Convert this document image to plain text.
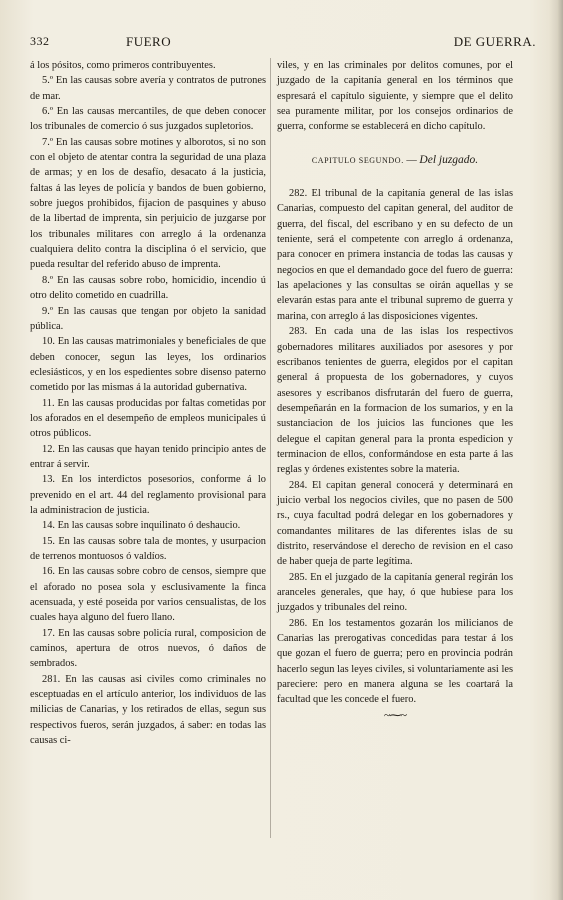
332	FUERO	DE GUERRA.

á los pósitos, como primeros contribuyentes.

5.º En las causas sobre avería y contratos de putrones de mar.

6.º En las causas mercantiles, de que deben conocer los tribunales de comercio ó sus juzgados supletorios.

7.º En las causas sobre motines y alborotos, si no son con el objeto de atentar contra la seguridad de una plaza de armas; y en los de desafío, desacato á la justicia, faltas á las leyes de policía y bandos de buen gobierno, sobre juegos prohibidos, fijacion de pasquines y abuso de la libertad de imprenta, sin perjuicio de juzgarse por los tribunales militares con arreglo á la ordenanza cualquiera delito contra la disciplina ó el servicio, que pueda resultar del referido abuso de imprenta.

8.º En las causas sobre robo, homicidio, incendio ú otro delito cometido en cuadrilla.

9.º En las causas que tengan por objeto la sanidad pública.

10. En las causas matrimoniales y beneficiales de que deben conocer, segun las leyes, los ordinarios eclesiásticos, y en los espedientes sobre disenso paterno cometido por las mismas á la autoridad gubernativa.

11. En las causas producidas por faltas cometidas por los aforados en el desempeño de empleos municipales ú otros públicos.

12. En las causas que hayan tenido principio antes de entrar á servir.

13. En los interdictos posesorios, conforme á lo prevenido en el art. 44 del reglamento provisional para la administracion de justicia.

14. En las causas sobre inquilinato ó deshaucio.

15. En las causas sobre tala de montes, y usurpacion de terrenos montuosos ó valdíos.

16. En las causas sobre cobro de censos, siempre que el aforado no posea sola y esclusivamente la finca acensuada, y esté poseida por varios censualistas, de los cuales haya alguno del fuero llano.

17. En las causas sobre policía rural, composicion de caminos, apertura de otros nuevos, ó daños de sembrados.

281. En las causas asi civiles como criminales no esceptuadas en el artículo anterior, los individuos de las milicias de Canarias, y los retirados de ellas, segun sus respectivos fueros, serán juzgados, á saber: en todas las causas ci-

viles, y en las criminales por delitos comunes, por el juzgado de la capitanía general en los términos que espresará el capítulo siguiente, y siempre que el delito sea puramente militar, por los consejos ordinarios de guerra, conforme se establecerá en dicho capítulo.

CAPITULO SEGUNDO. — Del juzgado.

282. El tribunal de la capitanía general de las islas Canarias, compuesto del capitan general, del auditor de guerra, del fiscal, del escribano y en su defecto de un teniente, será el competente con arreglo á ordenanza, para conocer en primera instancia de todas las causas y negocios en que el demandado goce del fuero de guerra: las apelaciones y las consultas se oirán aquellas y se elevarán estas para ante el tribunal supremo de guerra y marina, con arreglo á las disposiciones vigentes.

283. En cada una de las islas los respectivos gobernadores militares auxiliados por asesores y por escribanos tenientes de guerra, elegidos por el capitan general á propuesta de los gobernadores, y cuyos asesores y escribanos disfrutarán del fuero de guerra, desempeñarán en la formacion de los sumarios, y en la sustanciacion de los juicios las funciones que les delegue el capitan general para la pronta espedicion y terminacion de ellos, conformándose en esta parte á las reglas y órdenes existentes sobre la materia.

284. El capitan general conocerá y determinará en juicio verbal los negocios civiles, que no pasen de 500 rs., cuya facultad podrá delegar en los gobernadores y comandantes militares de las diferentes islas de su distrito, reservándose el derecho de revision en el caso de haber queja de parte legítima.

285. En el juzgado de la capitanía general regirán los aranceles generales, que hay, ó que hubiese para los juzgados y tribunales del reino.

286. En los testamentos gozarán los milicianos de Canarias las prerogativas concedidas para testar á los que gozan el fuero de guerra; pero en provincia podrán hacerlo segun las leyes civiles, si voluntariamente asi les pareciere: pero en manera alguna se les coartará la facultad que les concede el fuero.

~⁓~
